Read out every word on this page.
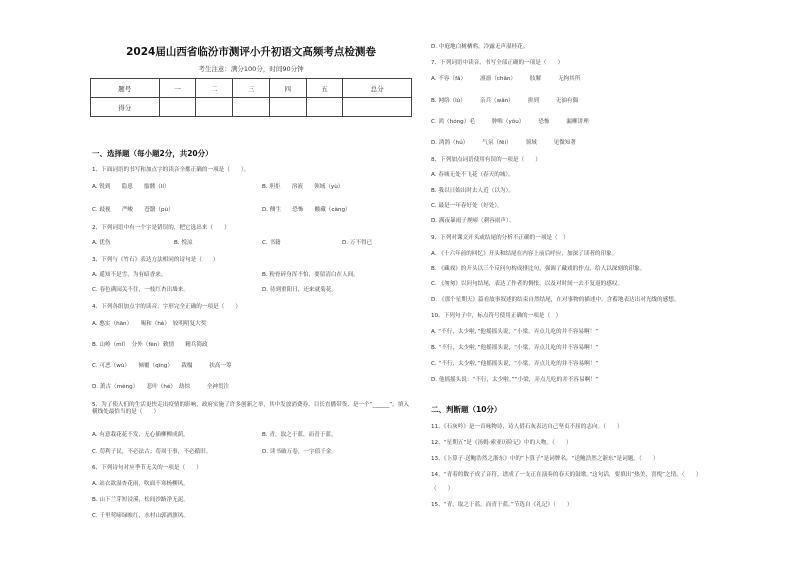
2024届山西省临汾市测评小升初语文高频考点检测卷
考生注意：满分100分，时间90分钟
题号	一	二	三	四	五	总分
得分						
一、选择题（每小题2分，共20分）
1、下面词语的书写和加点字的读音全都正确的一项是（　　）。
A. 锐到　　隐患　　骷髅（lí）	B. 胆拒　　溶液　　领域（yù）
C. 歧视　　严峻　　苍翳（pù）	D. 侧生　　恐怖　　酸藏（càng）
2、下列词语中有一个字是错误的，把它选出来（　　）
A. 优伤	B. 悦凉	C. 书籍	D. 万不得已
3、下列与《竹石》表达方法相同的诗句是（　　）
A. 遥知不是雪，为有暗香来。	B. 粉骨碎身浑不怕，要留清白在人间。
C. 春色满园关不住，一枝红杏出墙来。	D. 待到重阳日，还来就菊花。
4、下列各组加点字的读音、字形完全正确的一项是（　　）
A. 憨实（hān）　　喝和（hè）　较明明复大奖
B. 山岭（mǐ）　分外（fèn）敕情　　精兵简政
C. 可恶（wù）　　倾覆（qīng）　　栽榻　　　扶高一筹
D. 萧古（mèng）　　悲叶（hé）　劫掠　　　全神贯注
5、为了使人们的生活更快走出疫情的影响，政府实施了许多创新之举，其中发放消费券、目长直播带货，是一个“______”。填入横线处最恰当的是（　　）
A. 有意栽花花不发，无心插柳柳成荫。	B. 青，取之于蓝，而青于蓝。
C. 苟利子民，不必法古；苟周于事，不必循旧。	D. 读书破万卷，一字值千金。
6、下列诗句对应季节无关的一项是（　　）
A. 站衣欲湿杏花雨，吹面不寒杨柳风。
B. 山下兰芽短浸溪，松间沙路净无泥。
C. 千里莺啼绿映红，水村山郭酒旗风。
D. 中庭地白树栖鸦，冷露无声湿桂花。
7、下列词语中读音、书写全部正确的一项是（　　）
A. 不容（fǎ）　　　凛凛（chǎn）　　　肢解　　　无拘其所
B. 网络（lù）　　　亲兵（wǎn）　　　拼到　　　无油有偶
C. 鸿（hóng）毛　　　肿唯（yǒu）　　　恐怖　　　漏柳讲理
D. 鸿鹄（hú）　　　气氛（fēi）　　　领域　　　见微知著
8、下列加点词语使用有误的一项是（　　）
A. 春城无处不飞花（春天的城）。
B. 我以日始出时去人近（以为）。
C. 最是一年春好处（好处）。
D. 满夜暴雨子规啼（刺容雨声）。
9、下列对课文开头或结尾的分析不正确的一项是（　）
A. 《十六年前的回忆》开头和结尾在内容上前后呼应，加深了读者的印象。
B. 《藏戏》的开头以三个反问句构成排比句，强调了藏戏的作点，给人以深刻的印象。
C. 《匆匆》以问句结尾，表达了作者的惆怅，以及对时间一去不复返的感叹。
D. 《那个星期天》篇看故事叙述的结束自然结尾，在对事物的描述中，含蓄地表达出对光线的感想。
10、下列句子中，标点符号使用正确的一项是（　）
A. “不行，太少啦，”他摇摇头说，“小梁，弄点儿吃的并不容易啊！”
B. “不行，太少啦，”他摇摇头说，“小梁，弄点儿吃的并不容易啊！”
C. “不行，太少啦，”他摇摇头说，“小梁，弄点儿吃的并不容易啊！”
D. 他摇摇头说：“不行，太少啦。”“小梁，弄点儿吃的并不容易啊！”
二、判断题（10分）
11、《石灰吟》是一首咏物诗，诗人借石灰表达自己坚贞不屈的志向。（　　）
12、“星期五”是《汤姆·索亚历险记》中的人物。（　　）
13、《卜算子·送鲍浩然之浙东》中的“卜算子”是词牌名，“送鲍浩然之浙东”是词题。（　　）
14、“青着的数子成了音符，谱成了一支正在演奏的春天的鼓歌。”这句话，要填出“热美、喜悦”之情。（　　）
（　　）
15、“青，取之于蓝，而青于蓝。”节选自《礼记》（　　）
